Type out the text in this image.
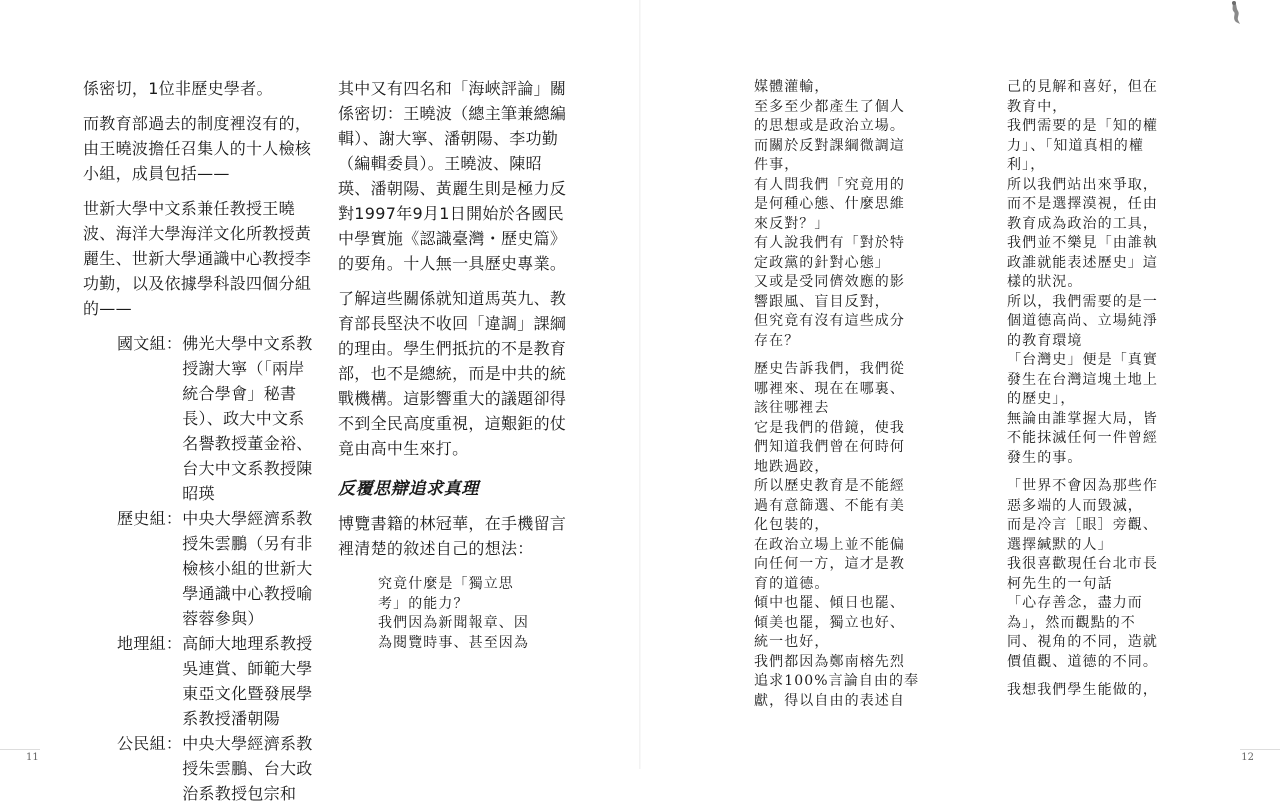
係密切，1位非歷史學者。

而教育部過去的制度裡沒有的，由王曉波擔任召集人的十人檢核小組，成員包括——

世新大學中文系兼任教授王曉波、海洋大學海洋文化所教授黃麗生、世新大學通識中心教授李功勤，以及依據學科設四個分組的——

國文組： 佛光大學中文系教授謝大寧（「兩岸統合學會」秘書長）、政大中文系名譽教授董金裕、台大中文系教授陳昭瑛
歷史組： 中央大學經濟系教授朱雲鵬（另有非檢核小組的世新大學通識中心教授喻蓉蓉參與）
地理組： 高師大地理系教授吳連賞、師範大學東亞文化暨發展學系教授潘朝陽
公民組： 中央大學經濟系教授朱雲鵬、台大政治系教授包宗和

其中又有四名和「海峽評論」關係密切：王曉波（總主筆兼總編輯）、謝大寧、潘朝陽、李功勤（編輯委員）。王曉波、陳昭瑛、潘朝陽、黃麗生則是極力反對1997年9月1日開始於各國民中學實施《認識臺灣・歷史篇》的要角。十人無一具歷史專業。

了解這些關係就知道馬英九、教育部長堅決不收回「違調」課綱的理由。學生們抵抗的不是教育部，也不是總統，而是中共的統戰機構。這影響重大的議題卻得不到全民高度重視，這艱鉅的仗竟由高中生來打。

反覆思辯追求真理

博覽書籍的林冠華，在手機留言裡清楚的敘述自己的想法：

究竟什麼是「獨立思

考」的能力？

我們因為新聞報章、因

為閱覽時事、甚至因為

11

媒體灌輸，

至多至少都產生了個人

的思想或是政治立場。

而關於反對課綱微調這

件事，

有人問我們「究竟用的

是何種心態、什麼思維

來反對？」

有人說我們有「對於特

定政黨的針對心態」

又或是受同儕效應的影

響跟風、盲目反對，

但究竟有沒有這些成分

存在？

歷史告訴我們，我們從

哪裡來、現在在哪裏、

該往哪裡去

它是我們的借鏡，使我

們知道我們曾在何時何

地跌過跤，

所以歷史教育是不能經

過有意篩選、不能有美

化包裝的，

在政治立場上並不能偏

向任何一方，這才是教

育的道德。

傾中也罷、傾日也罷、

傾美也罷，獨立也好、

統一也好，

我們都因為鄭南榕先烈

追求100%言論自由的奉

獻，得以自由的表述自

己的見解和喜好，但在

教育中，

我們需要的是「知的權

力」、「知道真相的權

利」，

所以我們站出來爭取，

而不是選擇漠視，任由

教育成為政治的工具，

我們並不樂見「由誰執

政誰就能表述歷史」這

樣的狀況。

所以，我們需要的是一

個道德高尚、立場純淨

的教育環境

「台灣史」便是「真實

發生在台灣這塊土地上

的歷史」，

無論由誰掌握大局，皆

不能抹滅任何一件曾經

發生的事。

「世界不會因為那些作

惡多端的人而毀滅，

而是冷言［眼］旁觀、

選擇緘默的人」

我很喜歡現任台北市長

柯先生的一句話

「心存善念，盡力而

為」，然而觀點的不

同、視角的不同，造就

價值觀、道德的不同。

我想我們學生能做的，

12
